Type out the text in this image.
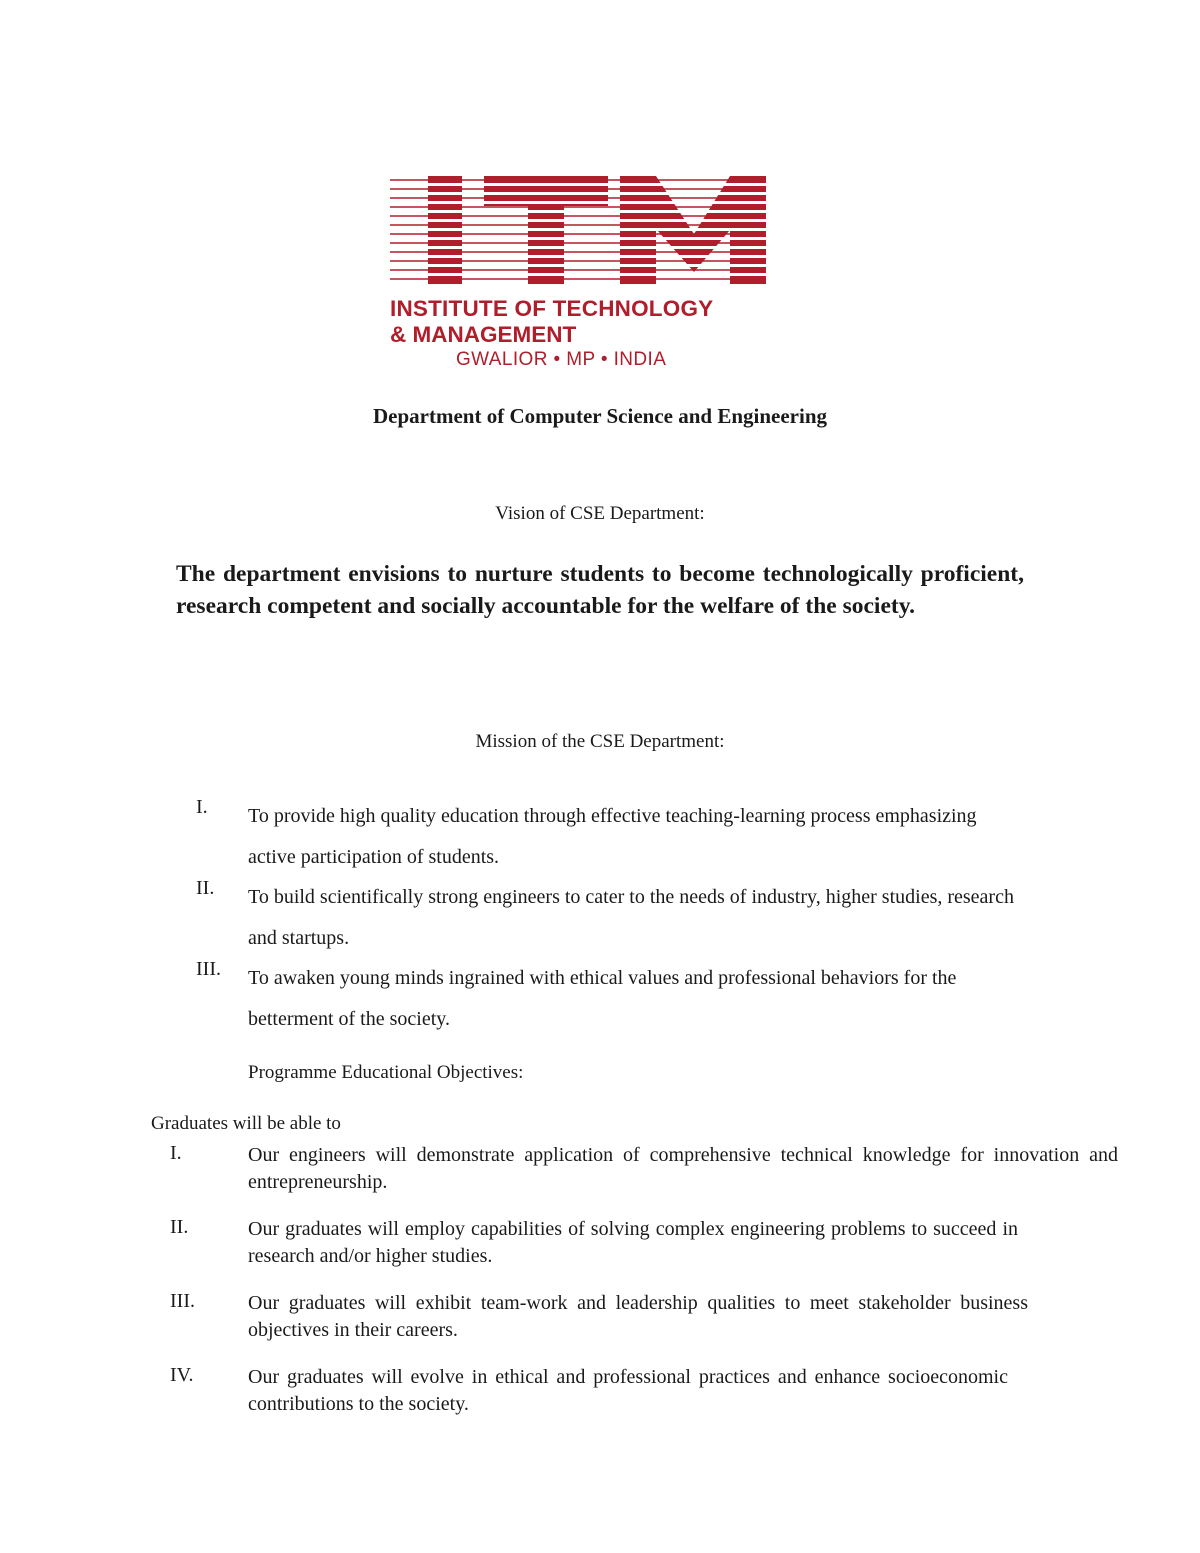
INSTITUTE OF TECHNOLOGY
& MANAGEMENT
GWALIOR • MP • INDIA
Department of Computer Science and Engineering
Vision of CSE Department:
The department envisions to nurture students to become technologically proficient, research competent and socially accountable for the welfare of the society.
Mission of the CSE Department:
I. To provide high quality education through effective teaching-learning process emphasizing active participation of students.
II. To build scientifically strong engineers to cater to the needs of industry, higher studies, research and startups.
III. To awaken young minds ingrained with ethical values and professional behaviors for the betterment of the society.
Programme Educational Objectives:
Graduates will be able to
I.	Our engineers will demonstrate application of comprehensive technical knowledge for innovation and entrepreneurship.
II.	Our graduates will employ capabilities of solving complex engineering problems to succeed in research and/or higher studies.
III.	Our graduates will exhibit team-work and leadership qualities to meet stakeholder business objectives in their careers.
IV.	Our graduates will evolve in ethical and professional practices and enhance socioeconomic contributions to the society.
